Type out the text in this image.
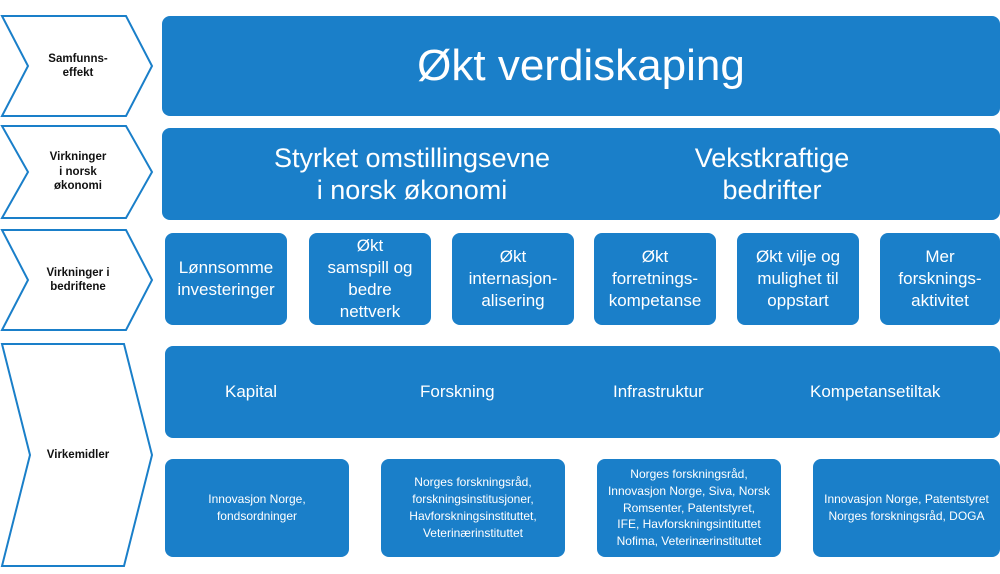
Samfunns-
effekt
Virkninger
i norsk
økonomi
Virkninger i
bedriftene
Virkemidler
Økt verdiskaping
Styrket omstillingsevne
i norsk økonomi
Vekstkraftige
bedrifter
Lønnsomme
investeringer
Økt
samspill og
bedre
nettverk
Økt
internasjon-
alisering
Økt
forretnings-
kompetanse
Økt vilje og
mulighet til
oppstart
Mer
forsknings-
aktivitet
Kapital	Forskning	Infrastruktur	Kompetansetiltak
Innovasjon Norge,
fondsordninger
Norges forskningsråd,
forskningsinstitusjoner,
Havforskningsinstituttet,
Veterinærinstituttet
Norges forskningsråd,
Innovasjon Norge, Siva, Norsk
Romsenter, Patentstyret,
IFE, Havforskningsintituttet
Nofima, Veterinærinstituttet
Innovasjon Norge, Patentstyret
Norges forskningsråd, DOGA
